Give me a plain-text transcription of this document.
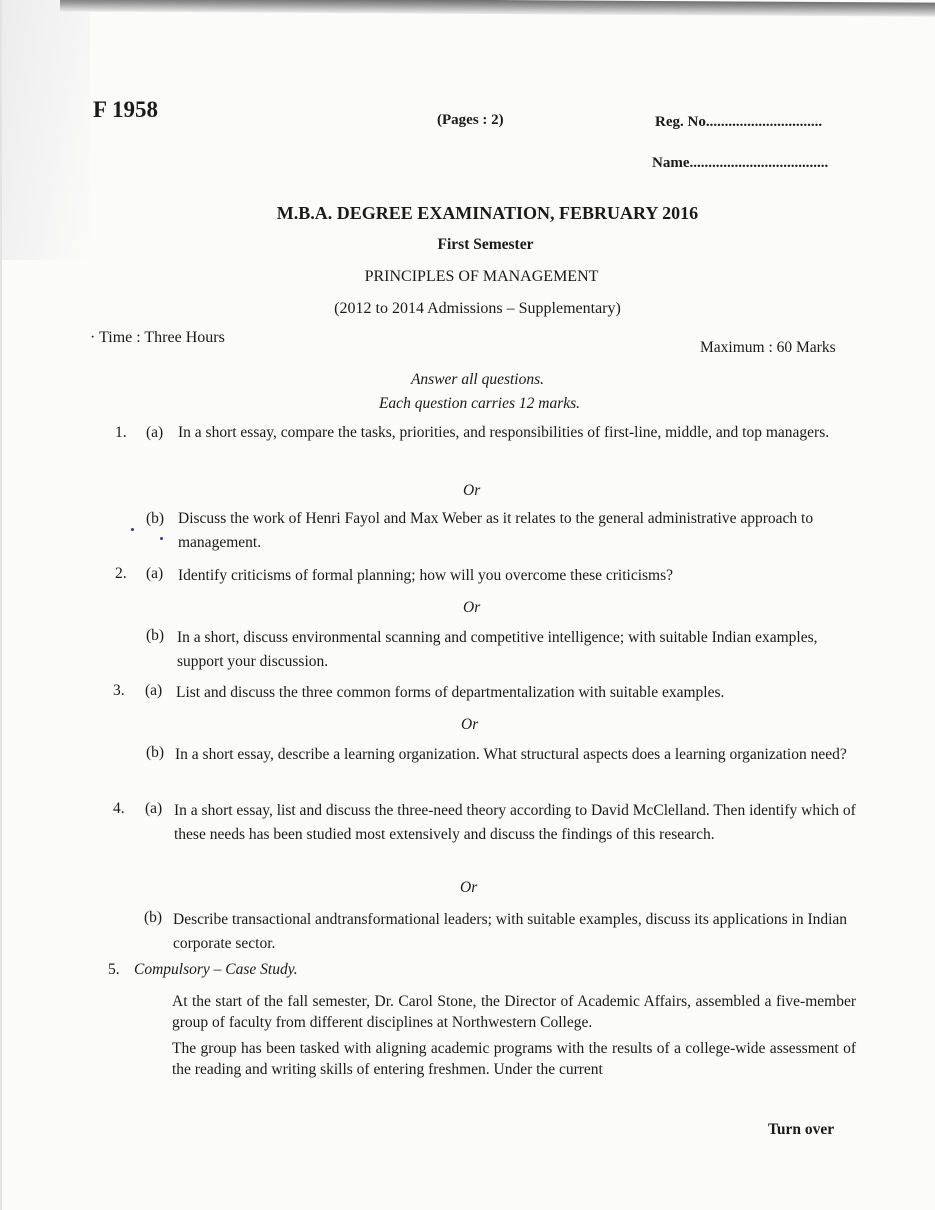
F 1958	(Pages : 2)	Reg. No...............................
Name.....................................
M.B.A. DEGREE EXAMINATION, FEBRUARY 2016
First Semester
PRINCIPLES OF MANAGEMENT
(2012 to 2014 Admissions – Supplementary)
· Time : Three Hours
Maximum : 60 Marks
Answer all questions.
Each question carries 12 marks.
1. (a) In a short essay, compare the tasks, priorities, and responsibilities of first-line, middle, and top managers.
Or
(b) Discuss the work of Henri Fayol and Max Weber as it relates to the general administrative approach to management.
2. (a) Identify criticisms of formal planning; how will you overcome these criticisms?
Or
(b) In a short, discuss environmental scanning and competitive intelligence; with suitable Indian examples, support your discussion.
3. (a) List and discuss the three common forms of departmentalization with suitable examples.
Or
(b) In a short essay, describe a learning organization. What structural aspects does a learning organization need?
4. (a) In a short essay, list and discuss the three-need theory according to David McClelland. Then identify which of these needs has been studied most extensively and discuss the findings of this research.
Or
(b) Describe transactional andtransformational leaders; with suitable examples, discuss its applications in Indian corporate sector.
5. Compulsory – Case Study.
At the start of the fall semester, Dr. Carol Stone, the Director of Academic Affairs, assembled a five-member group of faculty from different disciplines at Northwestern College.
The group has been tasked with aligning academic programs with the results of a college-wide assessment of the reading and writing skills of entering freshmen. Under the current
Turn over
